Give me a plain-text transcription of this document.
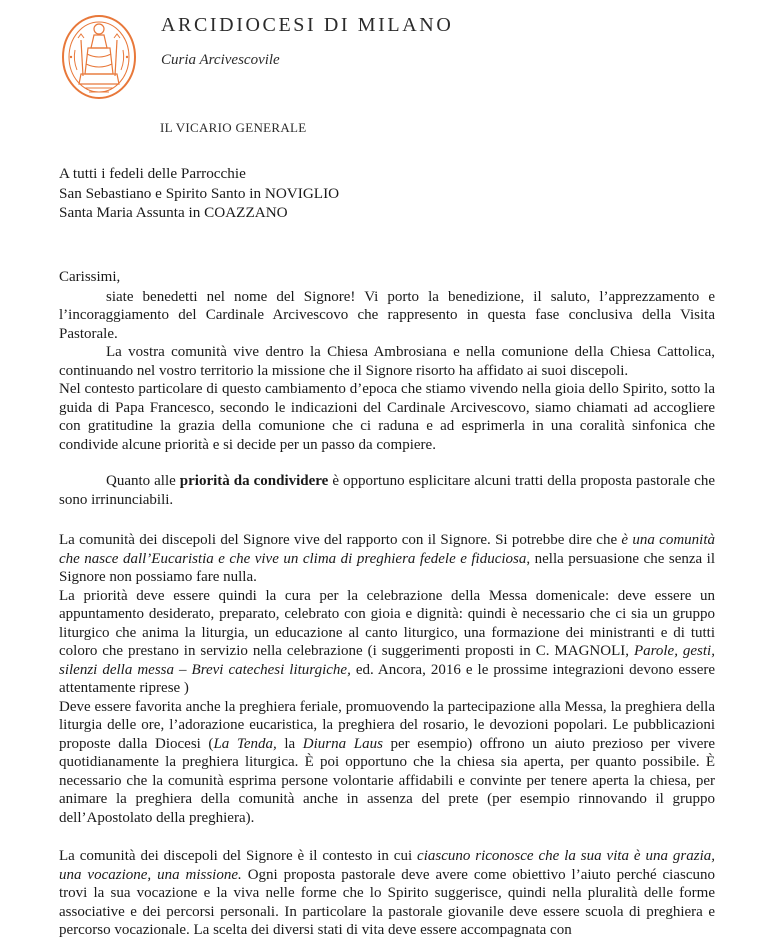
ARCIDIOCESI DI MILANO
Curia Arcivescovile
IL VICARIO GENERALE
A tutti i fedeli delle Parrocchie
San Sebastiano e Spirito Santo in NOVIGLIO
Santa Maria Assunta in COAZZANO

Carissimi,

siate benedetti nel nome del Signore! Vi porto la benedizione, il saluto, l’apprezzamento e l’incoraggiamento del Cardinale Arcivescovo che rappresento in questa fase conclusiva della Visita Pastorale.

La vostra comunità vive dentro la Chiesa Ambrosiana e nella comunione della Chiesa Cattolica, continuando nel vostro territorio la missione che il Signore risorto ha affidato ai suoi discepoli.

Nel contesto particolare di questo cambiamento d’epoca che stiamo vivendo nella gioia dello Spirito, sotto la guida di Papa Francesco, secondo le indicazioni del Cardinale Arcivescovo, siamo chiamati ad accogliere con gratitudine la grazia della comunione che ci raduna e ad esprimerla in una coralità sinfonica che condivide alcune priorità e si decide per un passo da compiere.

Quanto alle priorità da condividere è opportuno esplicitare alcuni tratti della proposta pastorale che sono irrinunciabili.

La comunità dei discepoli del Signore vive del rapporto con il Signore. Si potrebbe dire che è una comunità che nasce dall’Eucaristia e che vive un clima di preghiera fedele e fiduciosa, nella persuasione che senza il Signore non possiamo fare nulla.

La priorità deve essere quindi la cura per la celebrazione della Messa domenicale: deve essere un appuntamento desiderato, preparato, celebrato con gioia e dignità: quindi è necessario che ci sia un gruppo liturgico che anima la liturgia, un educazione al canto liturgico, una formazione dei ministranti e di tutti coloro che prestano in servizio nella celebrazione (i suggerimenti proposti in C. MAGNOLI, Parole, gesti, silenzi della messa – Brevi catechesi liturgiche, ed. Ancora, 2016 e le prossime integrazioni devono essere attentamente riprese )

Deve essere favorita anche la preghiera feriale, promuovendo la partecipazione alla Messa, la preghiera della liturgia delle ore, l’adorazione eucaristica, la preghiera del rosario, le devozioni popolari. Le pubblicazioni proposte dalla Diocesi (La Tenda, la Diurna Laus per esempio) offrono un aiuto prezioso per vivere quotidianamente la preghiera liturgica. È poi opportuno che la chiesa sia aperta, per quanto possibile. È necessario che la comunità esprima persone volontarie affidabili e convinte per tenere aperta la chiesa, per animare la preghiera della comunità anche in assenza del prete (per esempio rinnovando il gruppo dell’Apostolato della preghiera).

La comunità dei discepoli del Signore è il contesto in cui ciascuno riconosce che la sua vita è una grazia, una vocazione, una missione. Ogni proposta pastorale deve avere come obiettivo l’aiuto perché ciascuno trovi la sua vocazione e la viva nelle forme che lo Spirito suggerisce, quindi nella pluralità delle forme associative e dei percorsi personali. In particolare la pastorale giovanile deve essere scuola di preghiera e percorso vocazionale. La scelta dei diversi stati di vita deve essere accompagnata con
